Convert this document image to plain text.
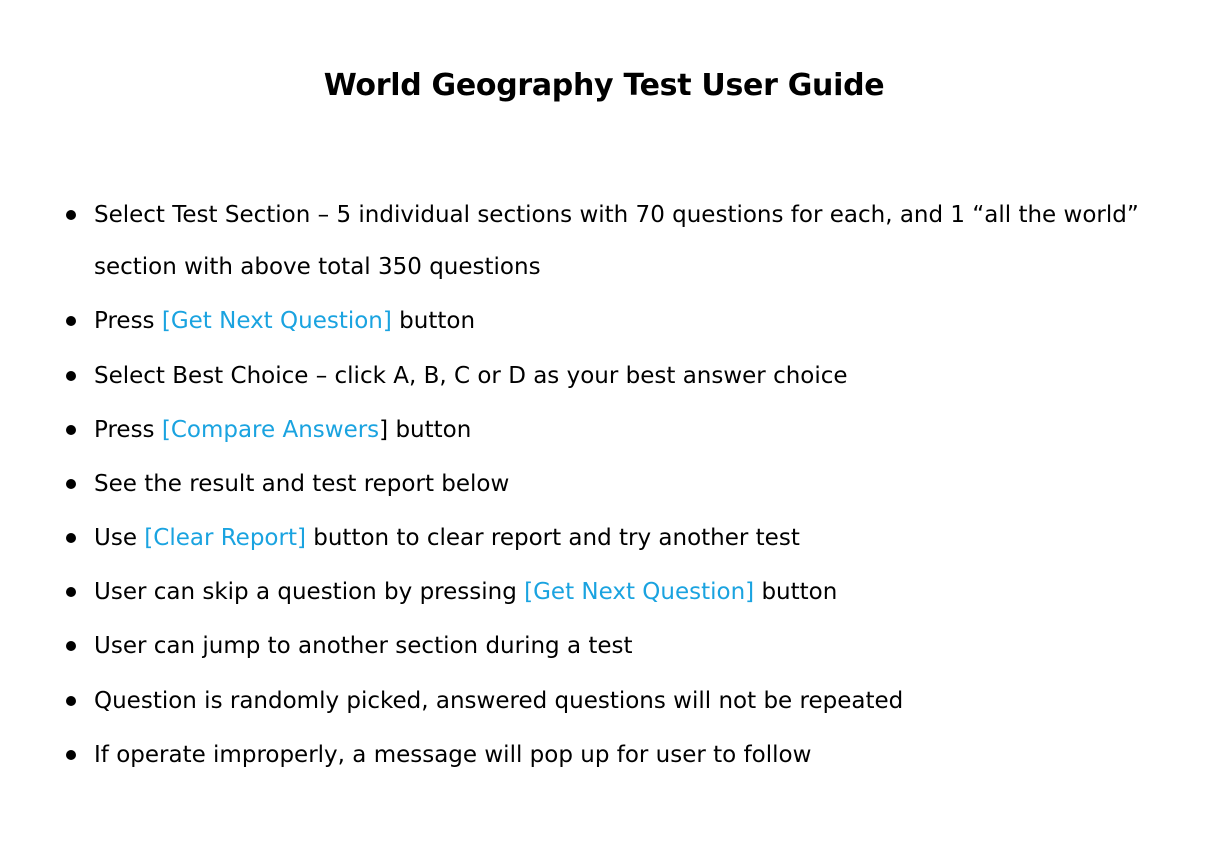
World Geography Test User Guide
Select Test Section – 5 individual sections with 70 questions for each, and 1 “all the world”
section with above total 350 questions
Press [Get Next Question] button
Select Best Choice – click A, B, C or D as your best answer choice
Press [Compare Answers] button
See the result and test report below
Use [Clear Report] button to clear report and try another test
User can skip a question by pressing [Get Next Question] button
User can jump to another section during a test
Question is randomly picked, answered questions will not be repeated
If operate improperly, a message will pop up for user to follow
